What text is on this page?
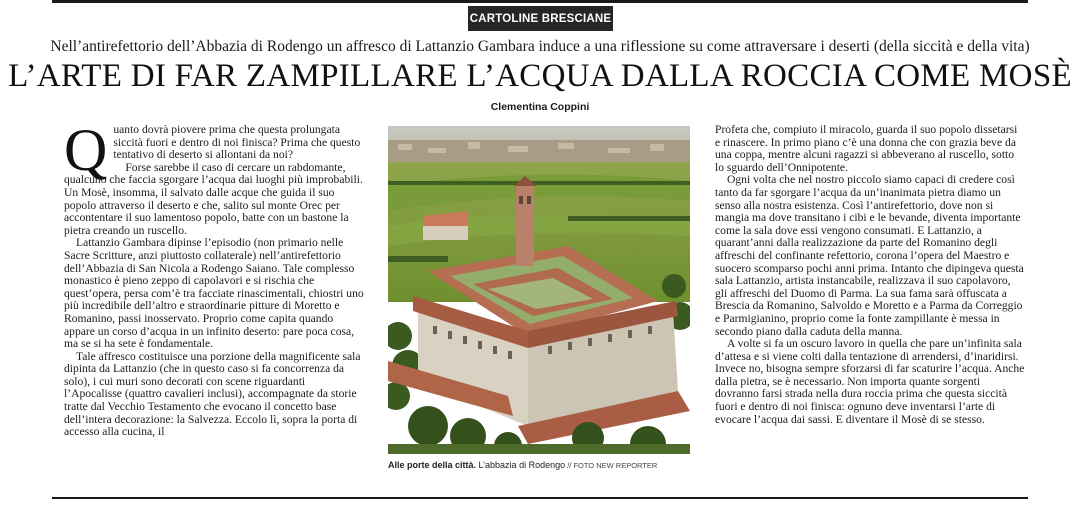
CARTOLINE BRESCIANE
Nell’antirefettorio dell’Abbazia di Rodengo un affresco di Lattanzio Gambara induce a una riflessione su come attraversare i deserti (della siccità e della vita)
L’ARTE DI FAR ZAMPILLARE L’ACQUA DALLA ROCCIA COME MOSÈ
Clementina Coppini

Quanto dovrà piovere prima che questa prolungata siccità fuori e dentro di noi finisca? Prima che questo tentativo di deserto si allontani da noi?

Forse sarebbe il caso di cercare un rabdomante, qualcuno che faccia sgorgare l’acqua dai luoghi più improbabili. Un Mosè, insomma, il salvato dalle acque che guida il suo popolo attraverso il deserto e che, salito sul monte Orec per accontentare il suo lamentoso popolo, batte con un bastone la pietra creando un ruscello.

Lattanzio Gambara dipinse l’episodio (non primario nelle Sacre Scritture, anzi piuttosto collaterale) nell’antirefettorio dell’Abbazia di San Nicola a Rodengo Saiano. Tale complesso monastico è pieno zeppo di capolavori e si rischia che quest’opera, persa com’è tra facciate rinascimentali, chiostri uno più incredibile dell’altro e straordinarie pitture di Moretto e Romanino, passi inosservato. Proprio come capita quando appare un corso d’acqua in un infinito deserto: pare poca cosa, ma se si ha sete è fondamentale.

Tale affresco costituisce una porzione della magnificente sala dipinta da Lattanzio (che in questo caso si fa concorrenza da solo), i cui muri sono decorati con scene riguardanti l’Apocalisse (quattro cavalieri inclusi), accompagnate da storie tratte dal Vecchio Testamento che evocano il concetto base dell’intera decorazione: la Salvezza. Eccolo lì, sopra la porta di accesso alla cucina, il

Alle porte della città. L’abbazia di Rodengo // FOTO NEW REPORTER

Profeta che, compiuto il miracolo, guarda il suo popolo dissetarsi e rinascere. In primo piano c’è una donna che con grazia beve da una coppa, mentre alcuni ragazzi si abbeverano al ruscello, sotto lo sguardo dell’Onnipotente.

Ogni volta che nel nostro piccolo siamo capaci di credere così tanto da far sgorgare l’acqua da un’inanimata pietra diamo un senso alla nostra esistenza. Così l’antirefettorio, dove non si mangia ma dove transitano i cibi e le bevande, diventa importante come la sala dove essi vengono consumati. E Lattanzio, a quarant’anni dalla realizzazione da parte del Romanino degli affreschi del confinante refettorio, corona l’opera del Maestro e suocero scomparso pochi anni prima. Intanto che dipingeva questa sala Lattanzio, artista instancabile, realizzava il suo capolavoro, gli affreschi del Duomo di Parma. La sua fama sarà offuscata a Brescia da Romanino, Salvoldo e Moretto e a Parma da Correggio e Parmigianino, proprio come la fonte zampillante è messa in secondo piano dalla caduta della manna.

A volte si fa un oscuro lavoro in quella che pare un’infinita sala d’attesa e si viene colti dalla tentazione di arrendersi, d’inaridirsi. Invece no, bisogna sempre sforzarsi di far scaturire l’acqua. Anche dalla pietra, se è necessario. Non importa quante sorgenti dovranno farsi strada nella dura roccia prima che questa siccità fuori e dentro di noi finisca: ognuno deve inventarsi l’arte di evocare l’acqua dai sassi. E diventare il Mosè di se stesso.
